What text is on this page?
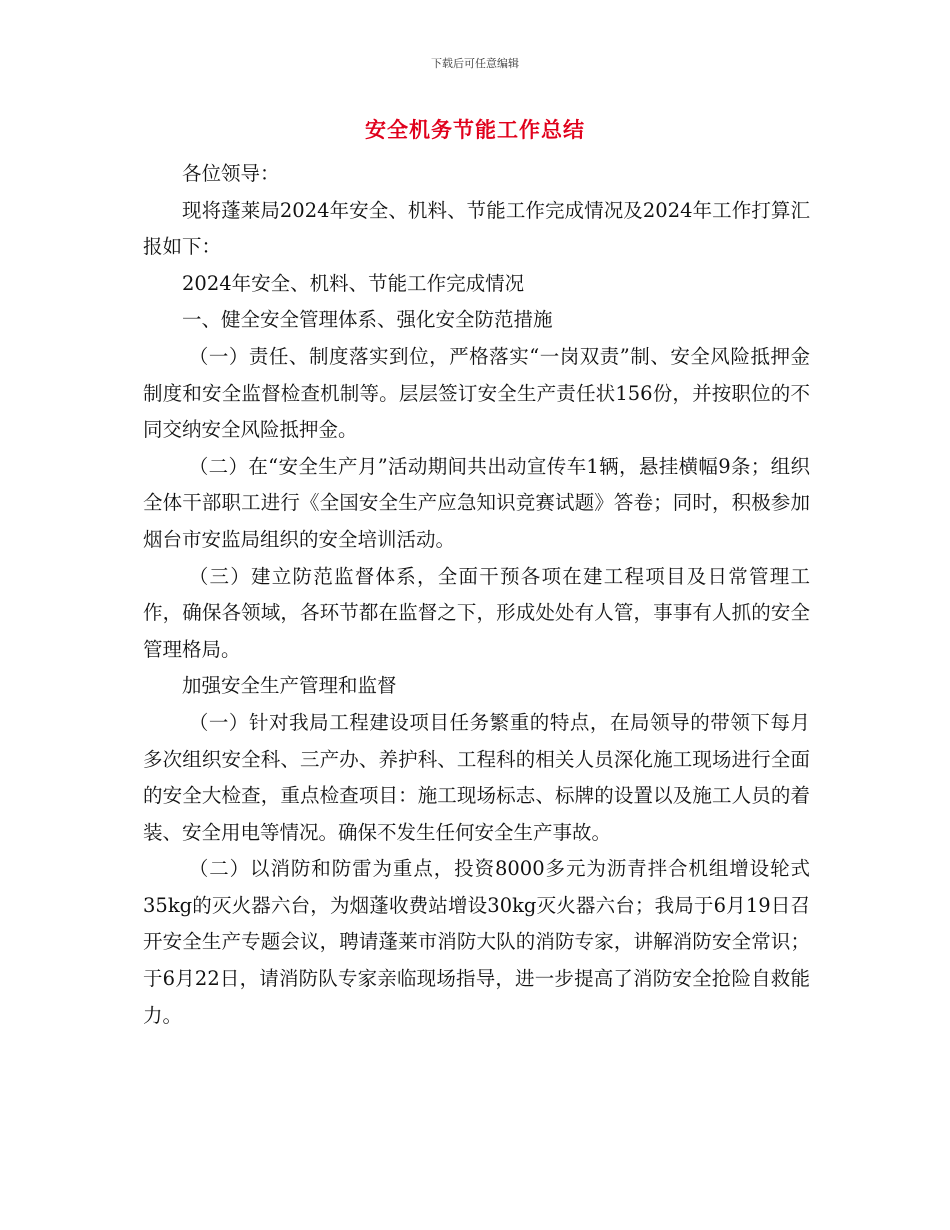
下载后可任意编辑
安全机务节能工作总结

各位领导：

现将蓬莱局2024年安全、机料、节能工作完成情况及2024年工作打算汇报如下：

2024年安全、机料、节能工作完成情况

一、健全安全管理体系、强化安全防范措施

（一）责任、制度落实到位，严格落实“一岗双责”制、安全风险抵押金制度和安全监督检查机制等。层层签订安全生产责任状156份，并按职位的不同交纳安全风险抵押金。

（二）在“安全生产月”活动期间共出动宣传车1辆，悬挂横幅9条；组织全体干部职工进行《全国安全生产应急知识竞赛试题》答卷；同时，积极参加烟台市安监局组织的安全培训活动。

（三）建立防范监督体系，全面干预各项在建工程项目及日常管理工作，确保各领域，各环节都在监督之下，形成处处有人管，事事有人抓的安全管理格局。

加强安全生产管理和监督

（一）针对我局工程建设项目任务繁重的特点，在局领导的带领下每月多次组织安全科、三产办、养护科、工程科的相关人员深化施工现场进行全面的安全大检查，重点检查项目：施工现场标志、标牌的设置以及施工人员的着装、安全用电等情况。确保不发生任何安全生产事故。

（二）以消防和防雷为重点，投资8000多元为沥青拌合机组增设轮式35kg的灭火器六台，为烟蓬收费站增设30kg灭火器六台；我局于6月19日召开安全生产专题会议，聘请蓬莱市消防大队的消防专家，讲解消防安全常识；于6月22日，请消防队专家亲临现场指导，进一步提高了消防安全抢险自救能力。
